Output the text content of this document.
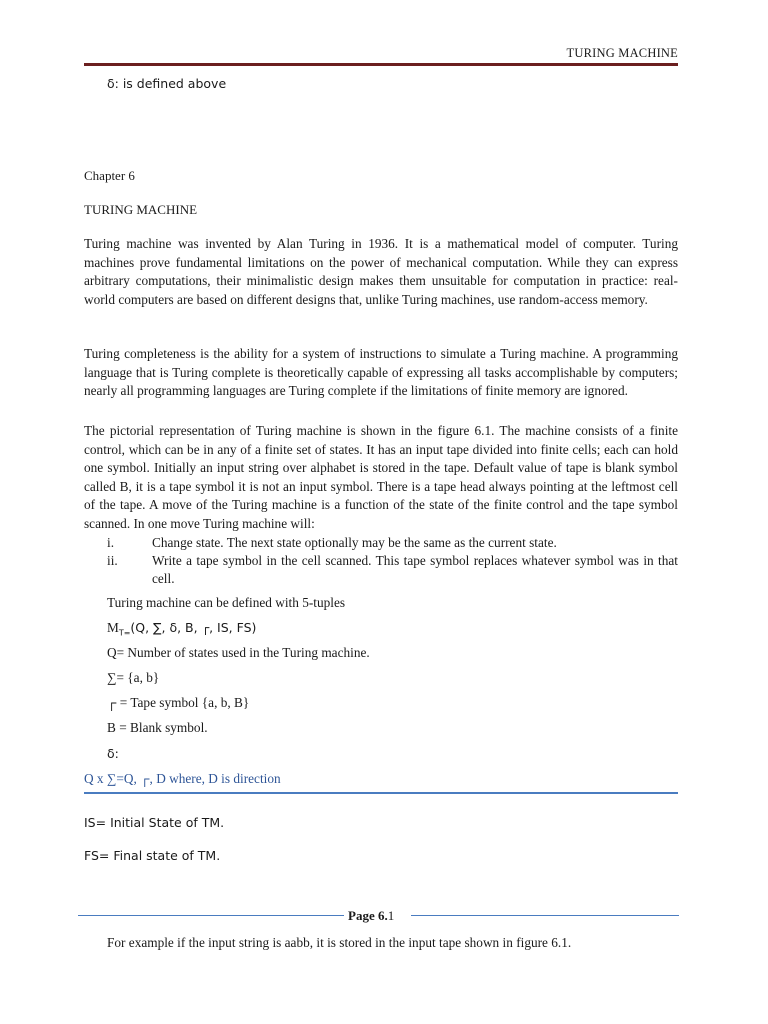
TURING MACHINE
δ: is defined above
Chapter 6
TURING MACHINE
Turing machine was invented by Alan Turing in 1936. It is a mathematical model of computer. Turing machines prove fundamental limitations on the power of mechanical computation. While they can express arbitrary computations, their minimalistic design makes them unsuitable for computation in practice: real-world computers are based on different designs that, unlike Turing machines, use random-access memory.
Turing completeness is the ability for a system of instructions to simulate a Turing machine. A programming language that is Turing complete is theoretically capable of expressing all tasks accomplishable by computers; nearly all programming languages are Turing complete if the limitations of finite memory are ignored.
The pictorial representation of Turing machine is shown in the figure 6.1. The machine consists of a finite control, which can be in any of a finite set of states. It has an input tape divided into finite cells; each can hold one symbol. Initially an input string over alphabet is stored in the tape. Default value of tape is blank symbol called B, it is a tape symbol it is not an input symbol. There is a tape head always pointing at the leftmost cell of the tape. A move of the Turing machine is a function of the state of the finite control and the tape symbol scanned. In one move Turing machine will:
i.	Change state. The next state optionally may be the same as the current state.
ii.	Write a tape symbol in the cell scanned. This tape symbol replaces whatever symbol was in that cell.
Turing machine can be defined with 5-tuples
$M_{T=}(Q$, ∑, δ, B, ┌, IS, FS)
Q= Number of states used in the Turing machine.
∑= {a, b}
┌ = Tape symbol {a, b, B}
B = Blank symbol.
δ:
Q x ∑=Q, ┌, D where, D is direction
IS= Initial State of TM.
FS= Final state of TM.
Page 6.1
For example if the input string is aabb, it is stored in the input tape shown in figure 6.1.
